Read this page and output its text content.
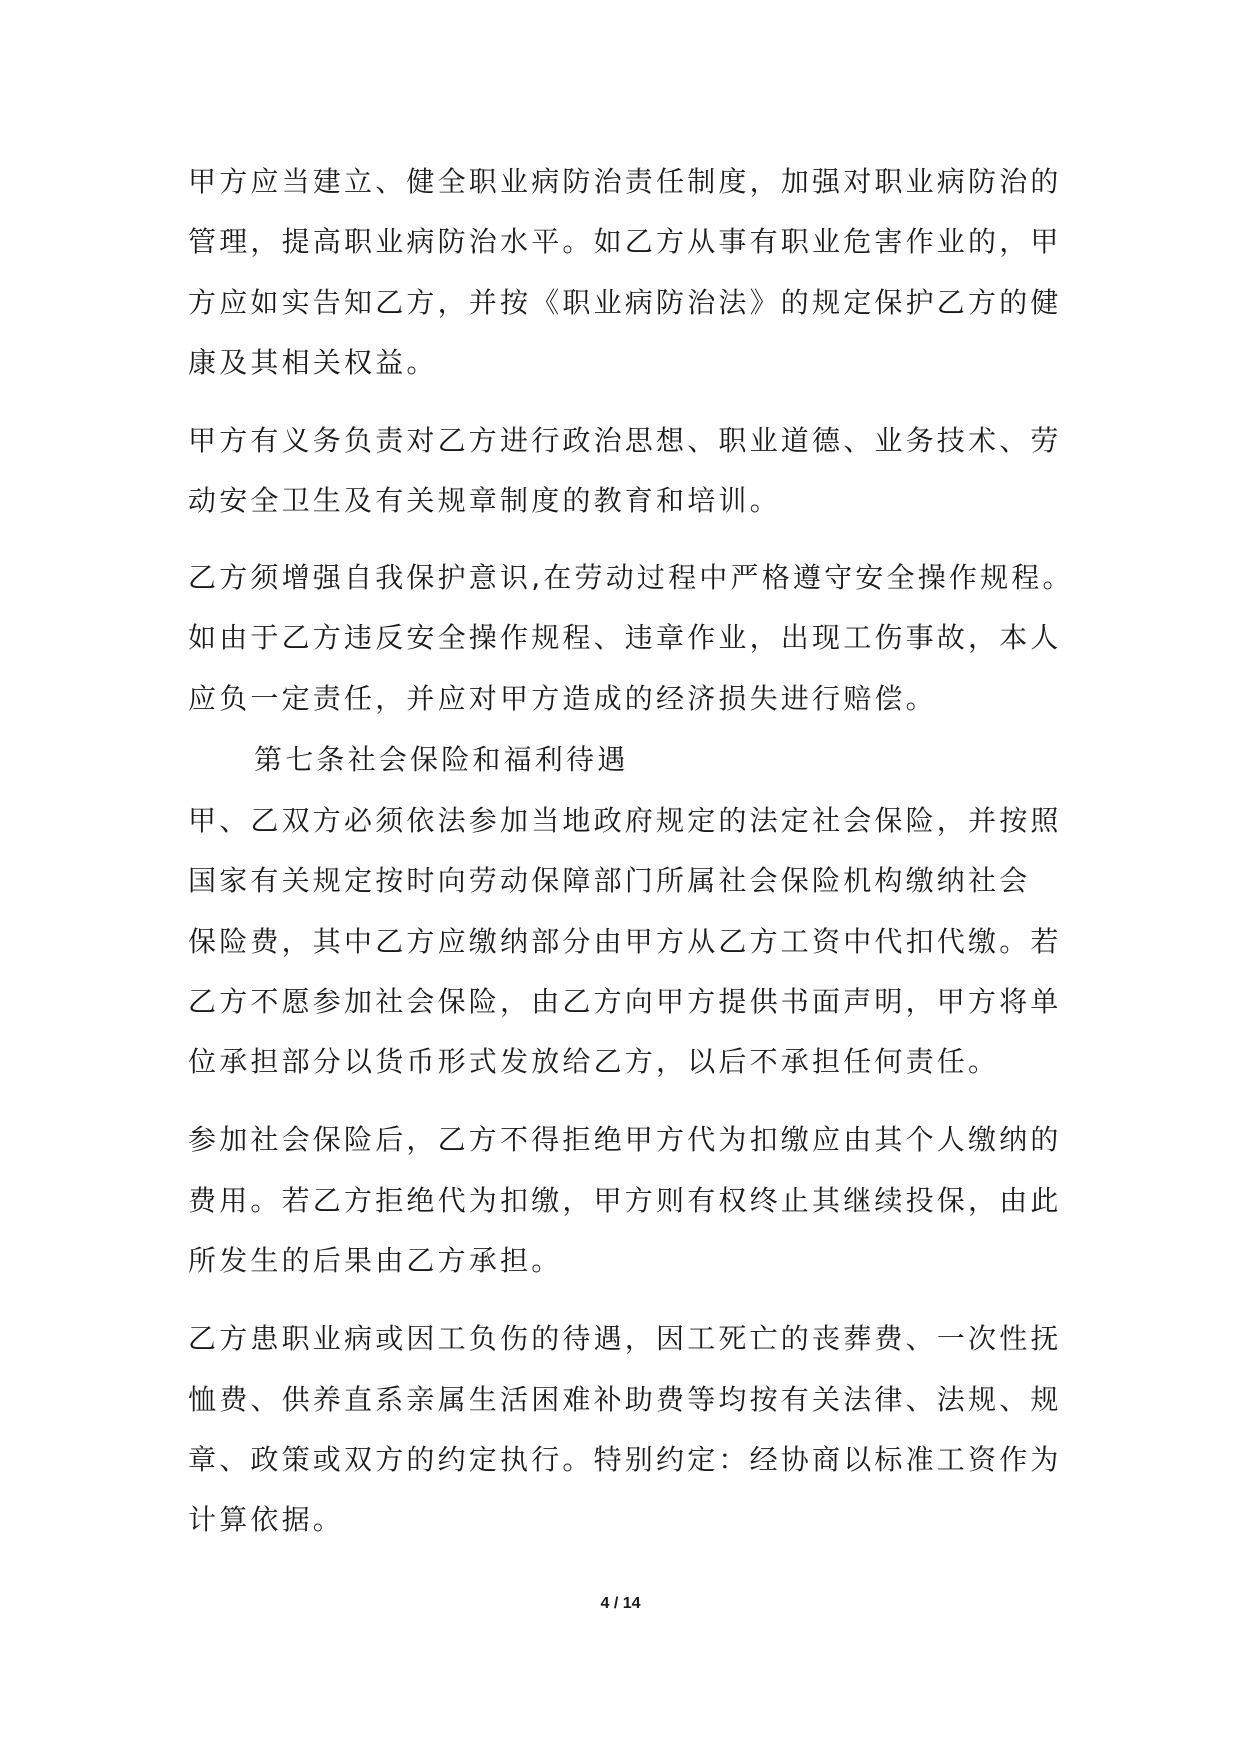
甲方应当建立、健全职业病防治责任制度，加强对职业病防治的
管理，提高职业病防治水平。如乙方从事有职业危害作业的，甲
方应如实告知乙方，并按《职业病防治法》的规定保护乙方的健
康及其相关权益。
甲方有义务负责对乙方进行政治思想、职业道德、业务技术、劳
动安全卫生及有关规章制度的教育和培训。
乙方须增强自我保护意识,在劳动过程中严格遵守安全操作规程。
如由于乙方违反安全操作规程、违章作业，出现工伤事故，本人
应负一定责任，并应对甲方造成的经济损失进行赔偿。
第七条社会保险和福利待遇
甲、乙双方必须依法参加当地政府规定的法定社会保险，并按照
国家有关规定按时向劳动保障部门所属社会保险机构缴纳社会
保险费，其中乙方应缴纳部分由甲方从乙方工资中代扣代缴。若
乙方不愿参加社会保险，由乙方向甲方提供书面声明，甲方将单
位承担部分以货币形式发放给乙方，以后不承担任何责任。
参加社会保险后，乙方不得拒绝甲方代为扣缴应由其个人缴纳的
费用。若乙方拒绝代为扣缴，甲方则有权终止其继续投保，由此
所发生的后果由乙方承担。
乙方患职业病或因工负伤的待遇，因工死亡的丧葬费、一次性抚
恤费、供养直系亲属生活困难补助费等均按有关法律、法规、规
章、政策或双方的约定执行。特别约定：经协商以标准工资作为
计算依据。
4 / 14
